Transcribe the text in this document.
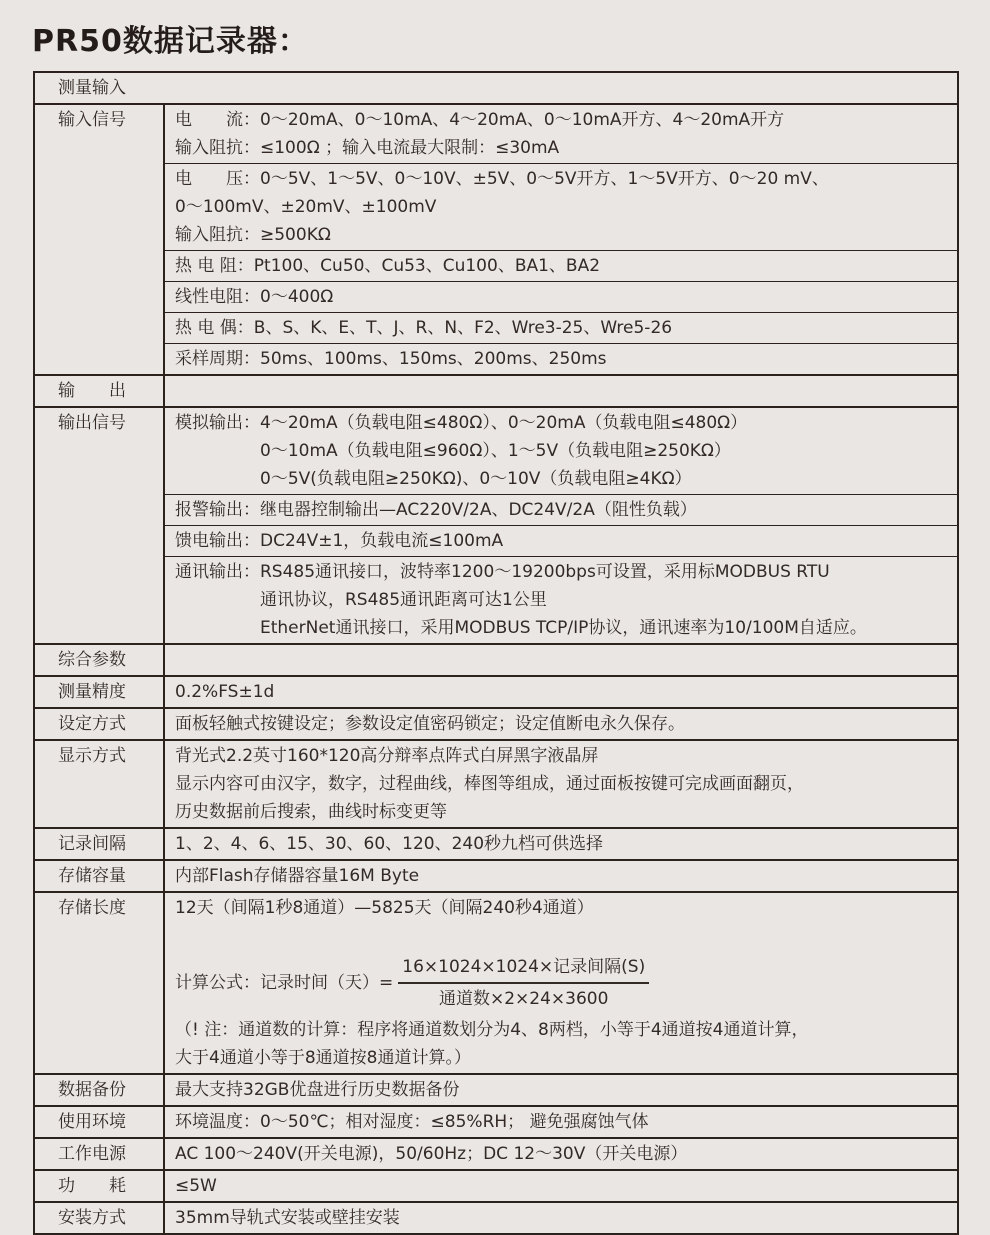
PR50数据记录器：
测量输入
输入信号	电　　流：0～20mA、0～10mA、4～20mA、0～10mA开方、4～20mA开方
输入阻抗：≤100Ω ；输入电流最大限制：≤30mA
电　　压：0～5V、1～5V、0～10V、±5V、0～5V开方、1～5V开方、0～20 mV、
0～100mV、±20mV、±100mV
输入阻抗：≥500KΩ
热 电 阻：Pt100、Cu50、Cu53、Cu100、BA1、BA2
线性电阻：0～400Ω
热 电 偶：B、S、K、E、T、J、R、N、F2、Wre3-25、Wre5-26
采样周期：50ms、100ms、150ms、200ms、250ms
输　　出
输出信号	模拟输出：4～20mA（负载电阻≤480Ω）、0～20mA（负载电阻≤480Ω）
　　　　　0～10mA（负载电阻≤960Ω）、1～5V（负载电阻≥250KΩ）
　　　　　0～5V(负载电阻≥250KΩ)、0～10V（负载电阻≥4KΩ）
报警输出：继电器控制输出—AC220V/2A、DC24V/2A（阻性负载）
馈电输出：DC24V±1，负载电流≤100mA
通讯输出：RS485通讯接口，波特率1200～19200bps可设置，采用标MODBUS RTU
　　　　　通讯协议，RS485通讯距离可达1公里
　　　　　EtherNet通讯接口，采用MODBUS TCP/IP协议，通讯速率为10/100M自适应。
综合参数
测量精度	0.2%FS±1d
设定方式	面板轻触式按键设定；参数设定值密码锁定；设定值断电永久保存。
显示方式	背光式2.2英寸160*120高分辩率点阵式白屏黑字液晶屏
显示内容可由汉字，数字，过程曲线，棒图等组成，通过面板按键可完成画面翻页，
历史数据前后搜索，曲线时标变更等
记录间隔	1、2、4、6、15、30、60、120、240秒九档可供选择
存储容量	内部Flash存储器容量16M Byte
存储长度	12天（间隔1秒8通道）—5825天（间隔240秒4通道）
计算公式：记录时间（天）= $\frac{\text{16×1024×1024×记录间隔(S)}}{\text{通道数×2×24×3600}}$
（! 注：通道数的计算：程序将通道数划分为4、8两档，小等于4通道按4通道计算，
大于4通道小等于8通道按8通道计算。）
数据备份	最大支持32GB优盘进行历史数据备份
使用环境	环境温度：0～50℃；相对湿度：≤85%RH； 避免强腐蚀气体
工作电源	AC 100～240V(开关电源)，50/60Hz；DC 12～30V（开关电源）
功　　耗	≤5W
安装方式	35mm导轨式安装或壁挂安装
